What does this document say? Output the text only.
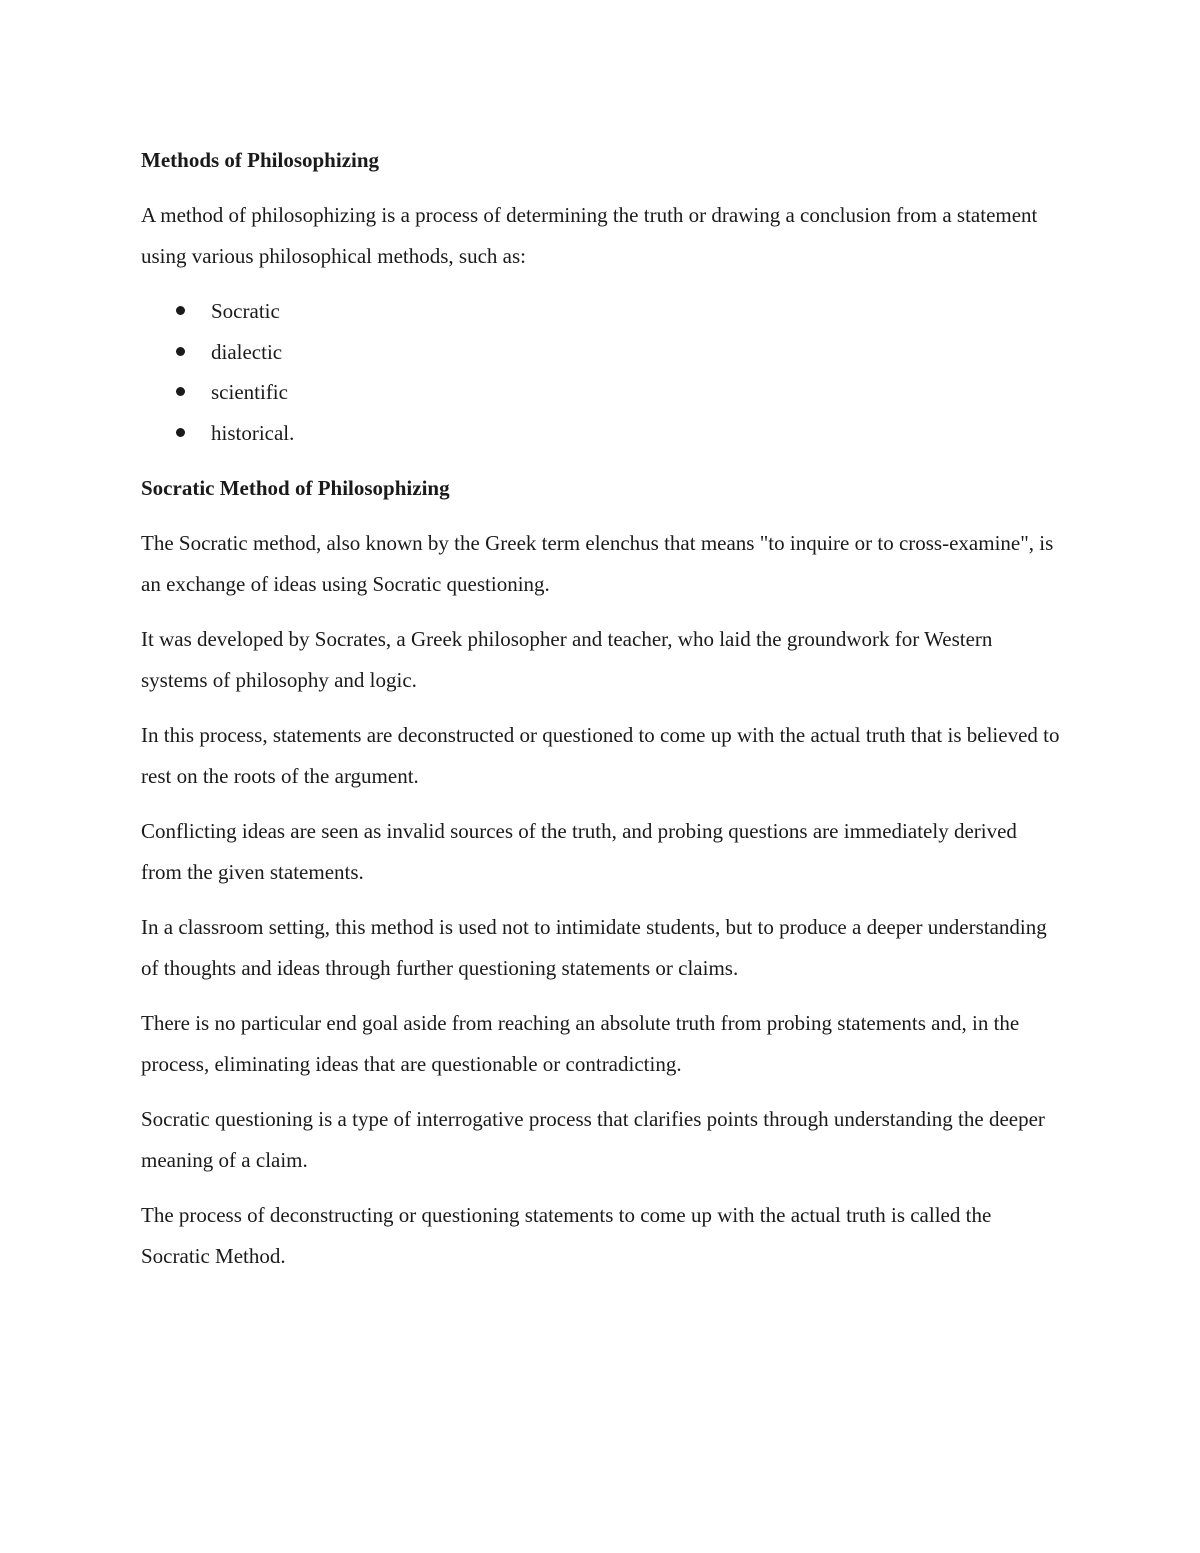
Methods of Philosophizing

A method of philosophizing is a process of determining the truth or drawing a conclusion from a statement using various philosophical methods, such as:

Socratic
dialectic
scientific
historical.
Socratic Method of Philosophizing

The Socratic method, also known by the Greek term elenchus that means "to inquire or to cross-examine", is an exchange of ideas using Socratic questioning.

It was developed by Socrates, a Greek philosopher and teacher, who laid the groundwork for Western systems of philosophy and logic.

In this process, statements are deconstructed or questioned to come up with the actual truth that is believed to rest on the roots of the argument.

Conflicting ideas are seen as invalid sources of the truth, and probing questions are immediately derived from the given statements.

In a classroom setting, this method is used not to intimidate students, but to produce a deeper understanding of thoughts and ideas through further questioning statements or claims.

There is no particular end goal aside from reaching an absolute truth from probing statements and, in the process, eliminating ideas that are questionable or contradicting.

Socratic questioning is a type of interrogative process that clarifies points through understanding the deeper meaning of a claim.

The process of deconstructing or questioning statements to come up with the actual truth is called the Socratic Method.
